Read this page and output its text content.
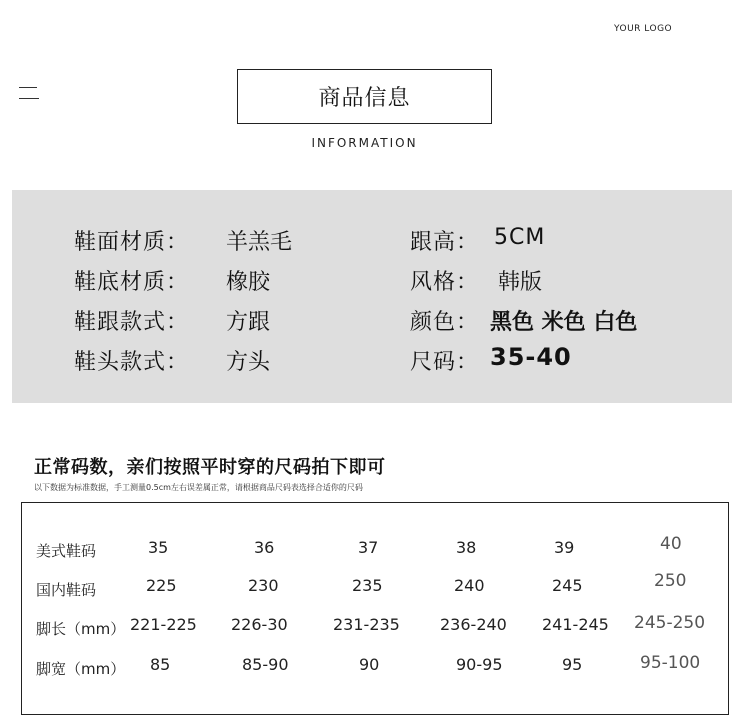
YOUR LOGO
商品信息
INFORMATION
鞋面材质： 羊羔毛
鞋底材质： 橡胶
鞋跟款式： 方跟
鞋头款式： 方头
跟高： 5CM
风格： 韩版
颜色： 黑色 米色 白色
尺码： 35-40
正常码数，亲们按照平时穿的尺码拍下即可
以下数据为标准数据，手工测量0.5cm左右误差属正常，请根据商品尺码表选择合适你的尺码
美式鞋码	35	36	37	38	39	40
国内鞋码	225	230	235	240	245	250
脚长（mm） 221-225 226-30	231-235	236-240 241-245 245-250
脚宽（mm） 85	85-90	90	90-95	95	95-100
